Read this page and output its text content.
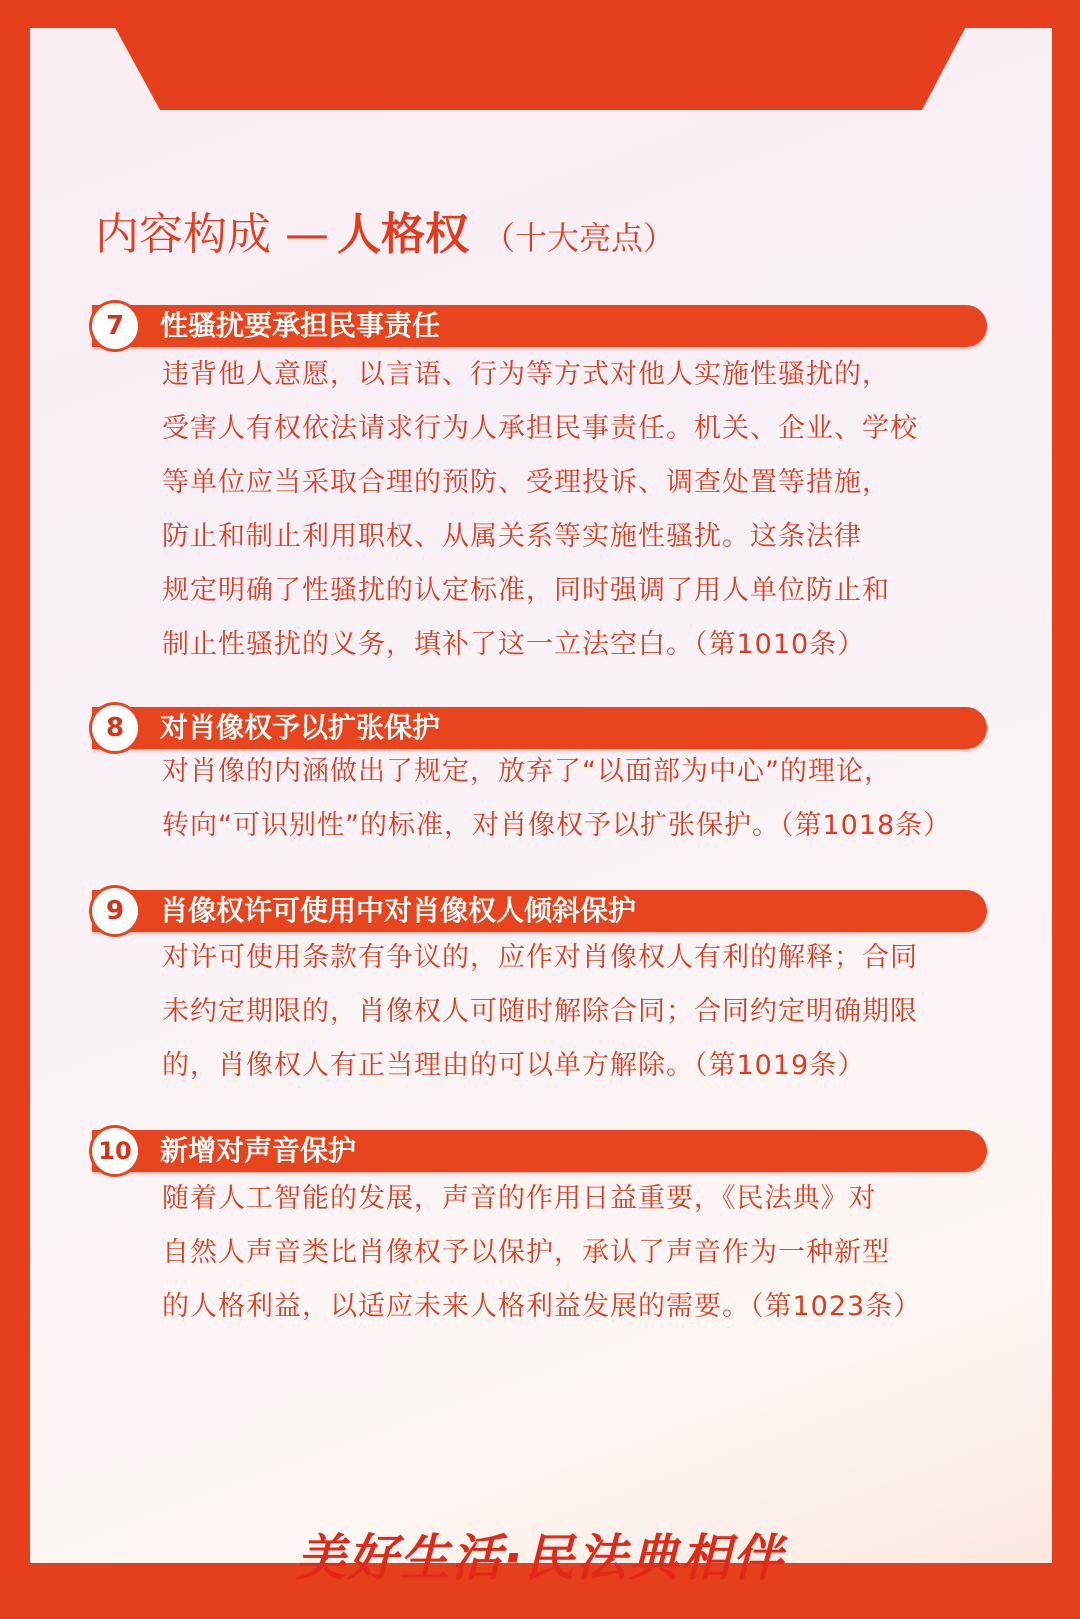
内容构成 — 人格权 （十大亮点）
7	性骚扰要承担民事责任
违背他人意愿，以言语、行为等方式对他人实施性骚扰的，
受害人有权依法请求行为人承担民事责任。机关、企业、学校
等单位应当采取合理的预防、受理投诉、调查处置等措施，
防止和制止利用职权、从属关系等实施性骚扰。这条法律
规定明确了性骚扰的认定标准，同时强调了用人单位防止和
制止性骚扰的义务，填补了这一立法空白。（第1010条）
8	对肖像权予以扩张保护
对肖像的内涵做出了规定，放弃了“以面部为中心”的理论，
转向“可识别性”的标准，对肖像权予以扩张保护。（第1018条）
9	肖像权许可使用中对肖像权人倾斜保护
对许可使用条款有争议的，应作对肖像权人有利的解释；合同
未约定期限的，肖像权人可随时解除合同；合同约定明确期限
的，肖像权人有正当理由的可以单方解除。（第1019条）
10 新增对声音保护
随着人工智能的发展，声音的作用日益重要，《民法典》对
自然人声音类比肖像权予以保护，承认了声音作为一种新型
的人格利益，以适应未来人格利益发展的需要。（第1023条）
美好生活·民法典相伴
